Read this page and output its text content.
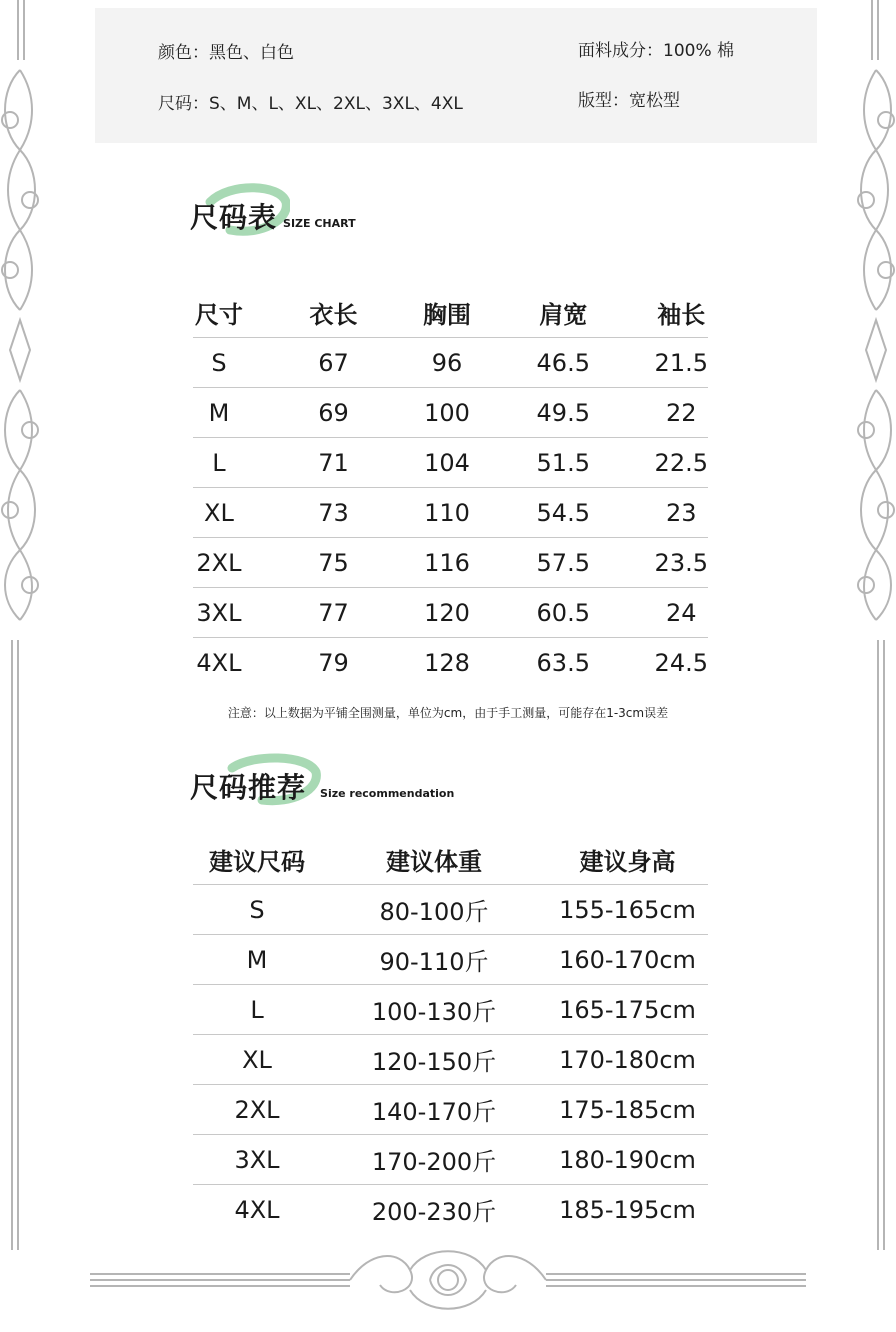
颜色：黑色、白色	面料成分：100% 棉
尺码：S、M、L、XL、2XL、3XL、4XL	版型：宽松型
尺码表 SIZE CHART
尺寸	衣长	胸围	肩宽	袖长
S	67	96	46.5	21.5
M	69	100	49.5	22
L	71	104	51.5	22.5
XL	73	110	54.5	23
2XL	75	116	57.5	23.5
3XL	77	120	60.5	24
4XL	79	128	63.5	24.5
注意：以上数据为平铺全围测量，单位为cm，由于手工测量，可能存在1-3cm误差
尺码推荐 Size recommendation
建议尺码	建议体重	建议身高
S	80-100斤	155-165cm
M	90-110斤	160-170cm
L	100-130斤	165-175cm
XL	120-150斤	170-180cm
2XL	140-170斤	175-185cm
3XL	170-200斤	180-190cm
4XL	200-230斤	185-195cm
